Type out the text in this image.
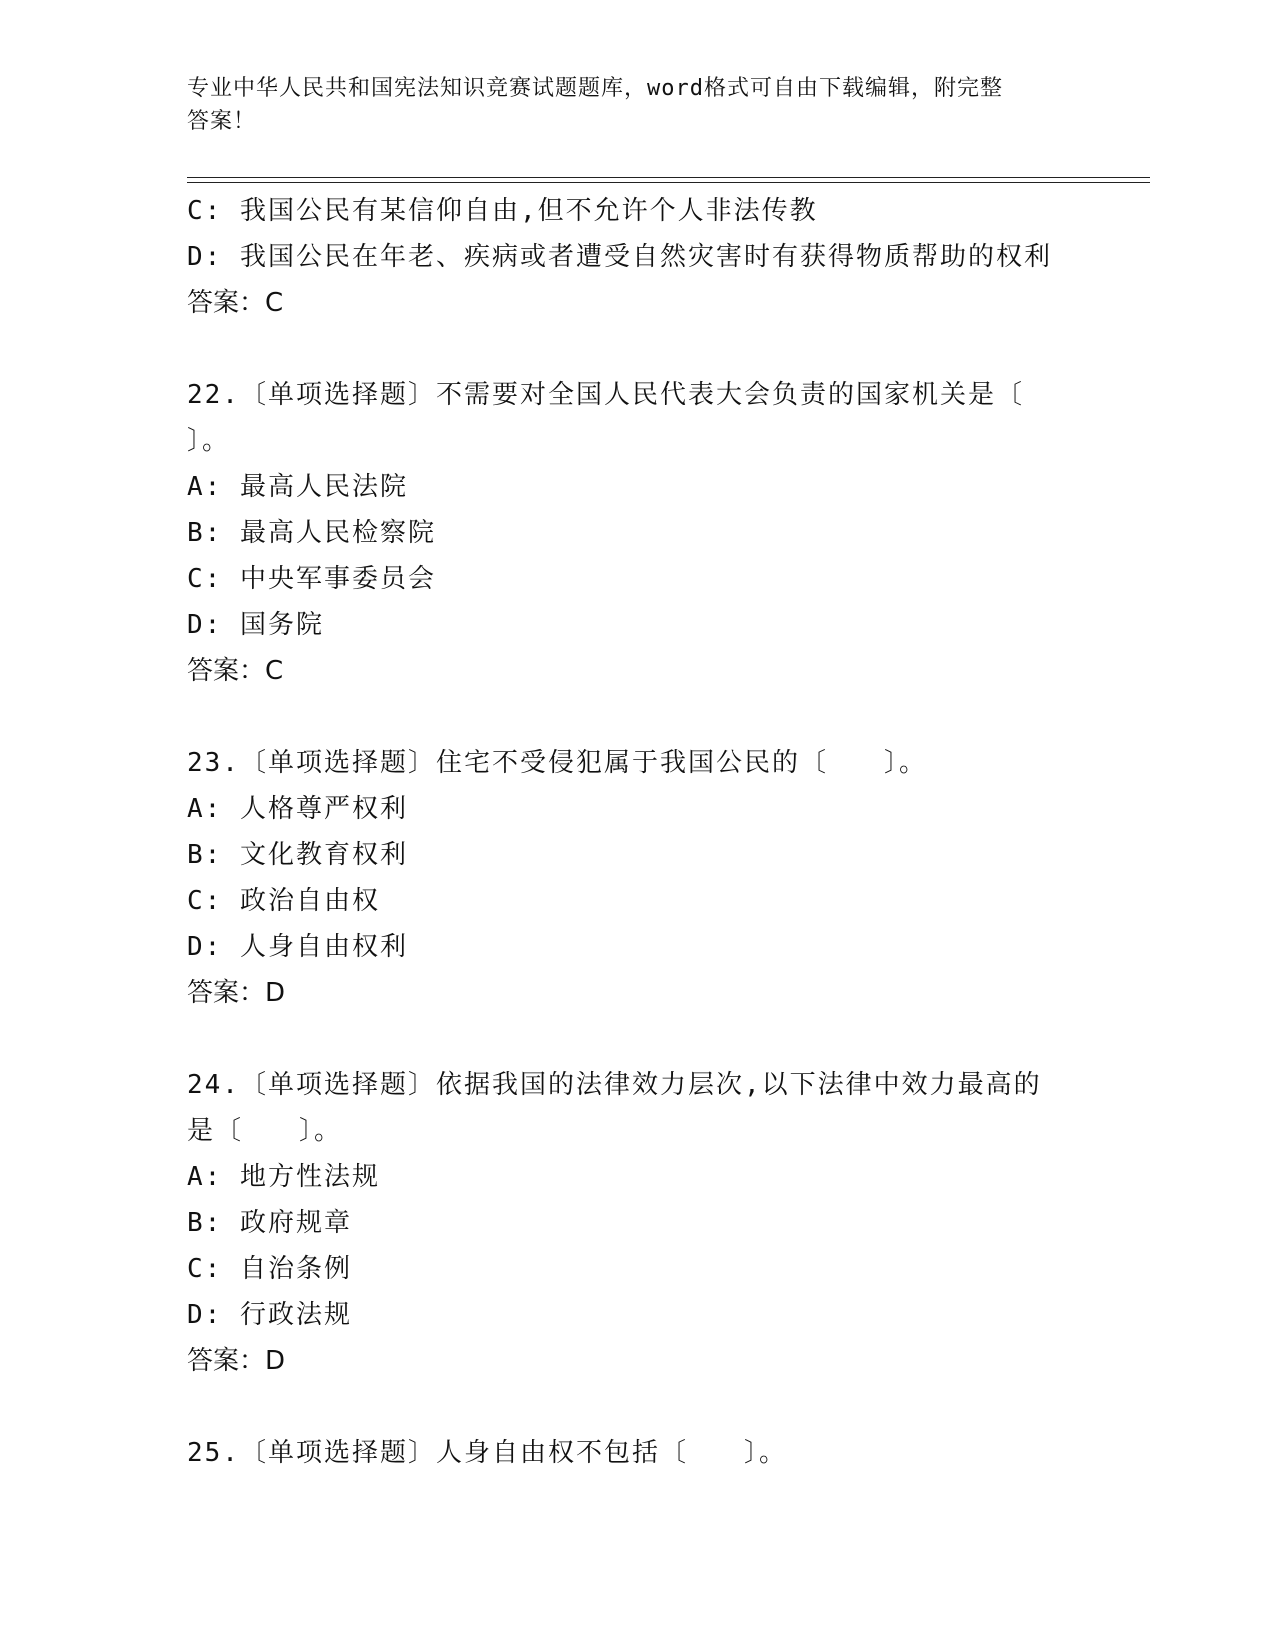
专业中华人民共和国宪法知识竞赛试题题库，word格式可自由下载编辑，附完整
答案！
C: 我国公民有某信仰自由,但不允许个人非法传教
D: 我国公民在年老、疾病或者遭受自然灾害时有获得物质帮助的权利
答案：C
22.〔单项选择题〕不需要对全国人民代表大会负责的国家机关是〔
〕。
A: 最高人民法院
B: 最高人民检察院
C: 中央军事委员会
D: 国务院
答案：C
23.〔单项选择题〕住宅不受侵犯属于我国公民的〔　　〕。
A: 人格尊严权利
B: 文化教育权利
C: 政治自由权
D: 人身自由权利
答案：D
24.〔单项选择题〕依据我国的法律效力层次,以下法律中效力最高的
是〔　　〕。
A: 地方性法规
B: 政府规章
C: 自治条例
D: 行政法规
答案：D
25.〔单项选择题〕人身自由权不包括〔　　〕。
